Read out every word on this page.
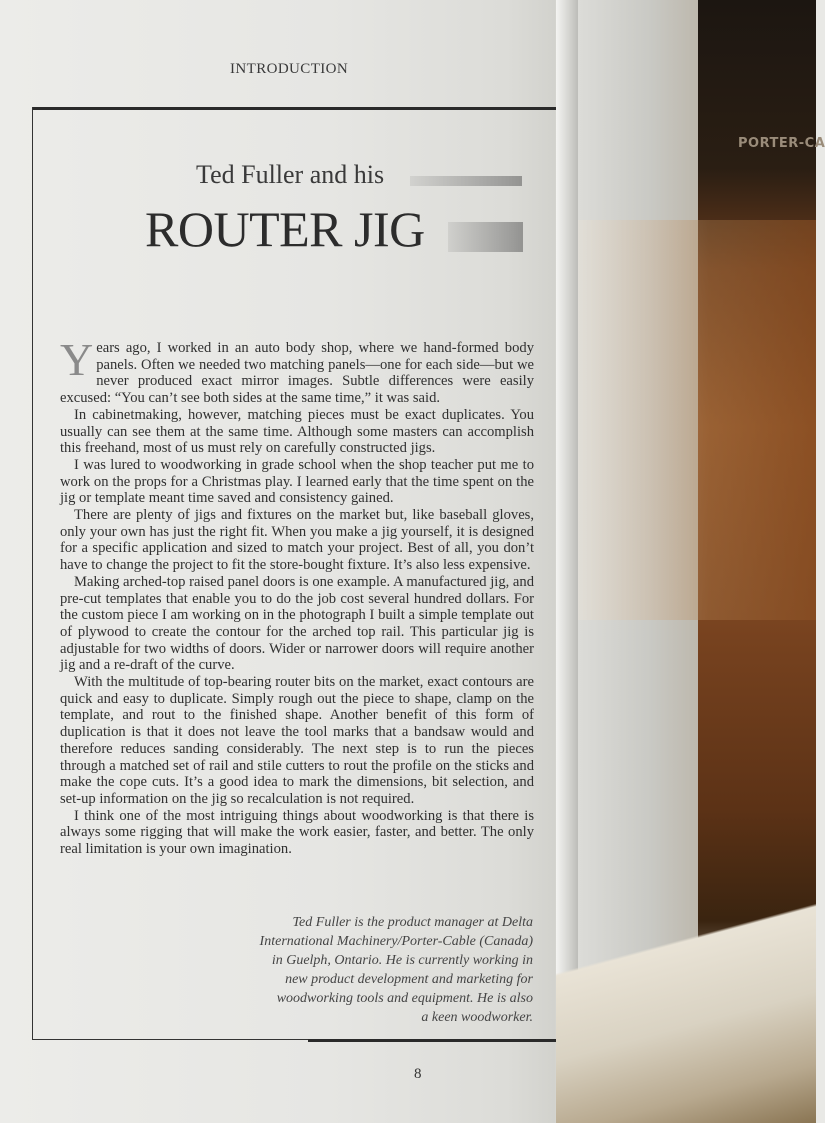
PORTER-CA
INTRODUCTION
Ted Fuller and his
ROUTER JIG

Years ago, I worked in an auto body shop, where we hand-formed body panels. Often we needed two matching panels—one for each side—but we never produced exact mirror images. Subtle differences were easily excused: “You can’t see both sides at the same time,” it was said.

In cabinetmaking, however, matching pieces must be exact duplicates. You usually can see them at the same time. Although some masters can accomplish this freehand, most of us must rely on carefully constructed jigs.

I was lured to woodworking in grade school when the shop teacher put me to work on the props for a Christmas play. I learned early that the time spent on the jig or template meant time saved and consistency gained.

There are plenty of jigs and fixtures on the market but, like baseball gloves, only your own has just the right fit. When you make a jig yourself, it is designed for a specific application and sized to match your project. Best of all, you don’t have to change the project to fit the store-bought fixture. It’s also less expensive.

Making arched-top raised panel doors is one example. A manufactured jig, and pre-cut templates that enable you to do the job cost several hundred dollars. For the custom piece I am working on in the photograph I built a simple template out of plywood to create the contour for the arched top rail. This particular jig is adjustable for two widths of doors. Wider or narrower doors will require another jig and a re-draft of the curve.

With the multitude of top-bearing router bits on the market, exact contours are quick and easy to duplicate. Simply rough out the piece to shape, clamp on the template, and rout to the finished shape. Another benefit of this form of duplication is that it does not leave the tool marks that a bandsaw would and therefore reduces sanding considerably. The next step is to run the pieces through a matched set of rail and stile cutters to rout the profile on the sticks and make the cope cuts. It’s a good idea to mark the dimensions, bit selection, and set-up information on the jig so recalculation is not required.

I think one of the most intriguing things about woodworking is that there is always some rigging that will make the work easier, faster, and better. The only real limitation is your own imagination.

Ted Fuller is the product manager at Delta
International Machinery/Porter-Cable (Canada)
in Guelph, Ontario. He is currently working in
new product development and marketing for
woodworking tools and equipment. He is also
a keen woodworker.
8
